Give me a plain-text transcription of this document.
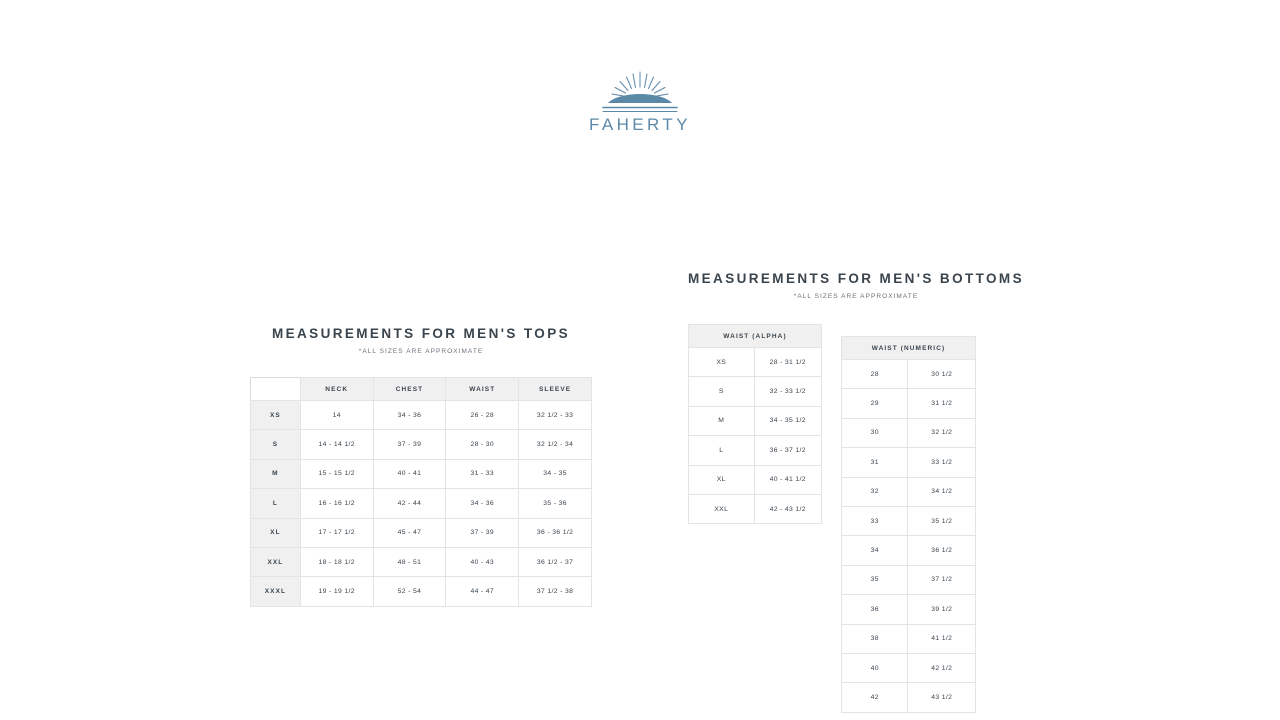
FAHERTY
MEASUREMENTS FOR MEN'S TOPS
*ALL SIZES ARE APPROXIMATE
	NECK	CHEST	WAIST	SLEEVE
XS	14	34 - 36	26 - 28	32 1/2 - 33
S	14 - 14 1/2	37 - 39	28 - 30	32 1/2 - 34
M	15 - 15 1/2	40 - 41	31 - 33	34 - 35
L	16 - 16 1/2	42 - 44	34 - 36	35 - 36
XL	17 - 17 1/2	45 - 47	37 - 39	36 - 36 1/2
XXL	18 - 18 1/2	48 - 51	40 - 43	36 1/2 - 37
XXXL	19 - 19 1/2	52 - 54	44 - 47	37 1/2 - 38
MEASUREMENTS FOR MEN'S BOTTOMS
*ALL SIZES ARE APPROXIMATE
WAIST (ALPHA)	
XS	28 - 31 1/2
S	32 - 33 1/2
M	34 - 35 1/2
L	36 - 37 1/2
XL	40 - 41 1/2
XXL	42 - 43 1/2
WAIST (NUMERIC)	
28	30 1/2
29	31 1/2
30	32 1/2
31	33 1/2
32	34 1/2
33	35 1/2
34	36 1/2
35	37 1/2
36	39 1/2
38	41 1/2
40	42 1/2
42	43 1/2
